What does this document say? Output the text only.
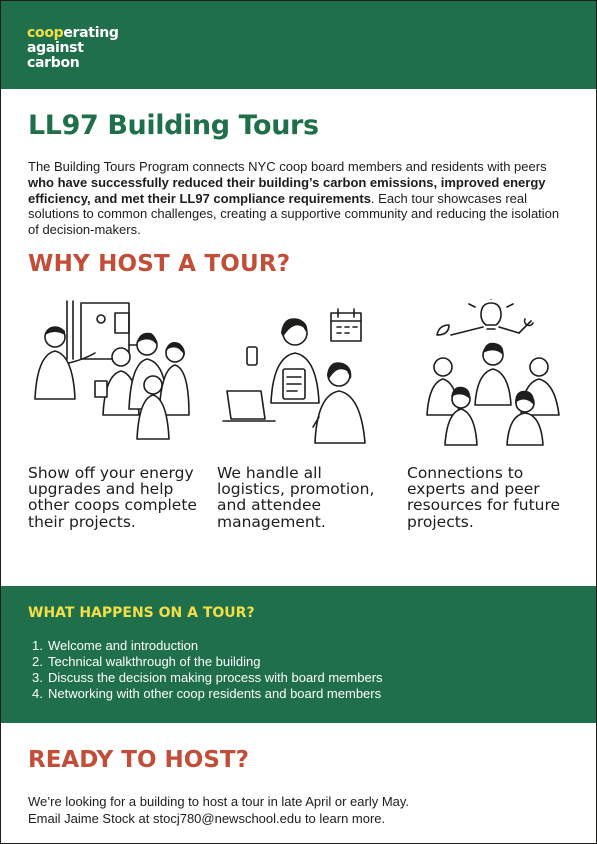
cooperating
against
carbon
LL97 Building Tours

The Building Tours Program connects NYC coop board members and residents with peers who have successfully reduced their building’s carbon emissions, improved energy efficiency, and met their LL97 compliance requirements. Each tour showcases real solutions to common challenges, creating a supportive community and reducing the isolation of decision-makers.

WHY HOST A TOUR?

Show off your energy upgrades and help other coops complete their projects.

We handle all logistics, promotion, and attendee management.

Connections to experts and peer resources for future projects.

WHAT HAPPENS ON A TOUR?
1. Welcome and introduction
2. Technical walkthrough of the building
3. Discuss the decision making process with board members
4. Networking with other coop residents and board members
READY TO HOST?

We’re looking for a building to host a tour in late April or early May.
Email Jaime Stock at stocj780@newschool.edu to learn more.
